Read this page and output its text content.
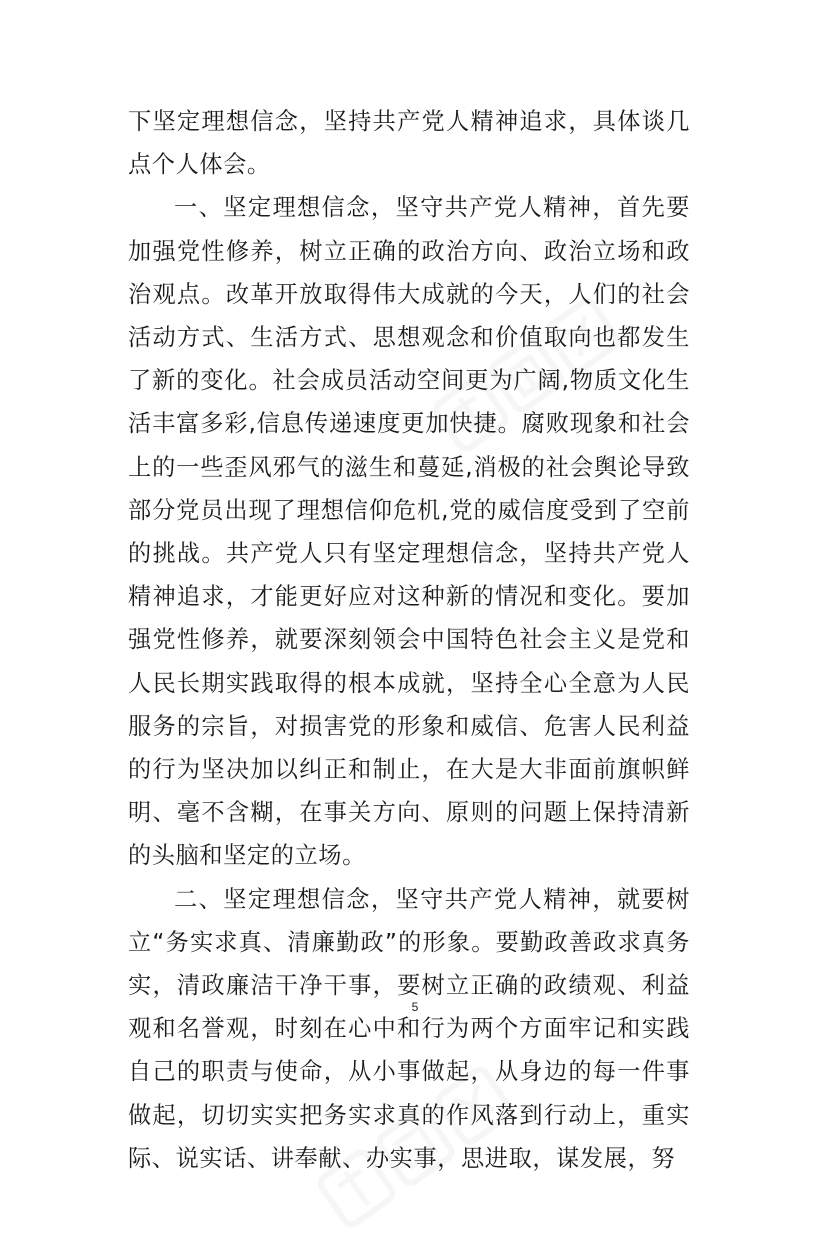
下坚定理想信念，坚持共产党人精神追求，具体谈几点个人体会。

一、坚定理想信念，坚守共产党人精神，首先要加强党性修养，树立正确的政治方向、政治立场和政治观点。改革开放取得伟大成就的今天，人们的社会活动方式、生活方式、思想观念和价值取向也都发生了新的变化。社会成员活动空间更为广阔,物质文化生活丰富多彩,信息传递速度更加快捷。腐败现象和社会上的一些歪风邪气的滋生和蔓延,消极的社会舆论导致部分党员出现了理想信仰危机,党的威信度受到了空前的挑战。共产党人只有坚定理想信念，坚持共产党人精神追求，才能更好应对这种新的情况和变化。要加强党性修养，就要深刻领会中国特色社会主义是党和人民长期实践取得的根本成就，坚持全心全意为人民服务的宗旨，对损害党的形象和威信、危害人民利益的行为坚决加以纠正和制止，在大是大非面前旗帜鲜明、毫不含糊，在事关方向、原则的问题上保持清新的头脑和坚定的立场。

二、坚定理想信念，坚守共产党人精神，就要树立“务实求真、清廉勤政”的形象。要勤政善政求真务实，清政廉洁干净干事，要树立正确的政绩观、利益观和名誉观，时刻在心中和行为两个方面牢记和实践自己的职责与使命，从小事做起，从身边的每一件事做起，切切实实把务实求真的作风落到行动上，重实际、说实话、讲奉献、办实事，思进取，谋发展，努

5
